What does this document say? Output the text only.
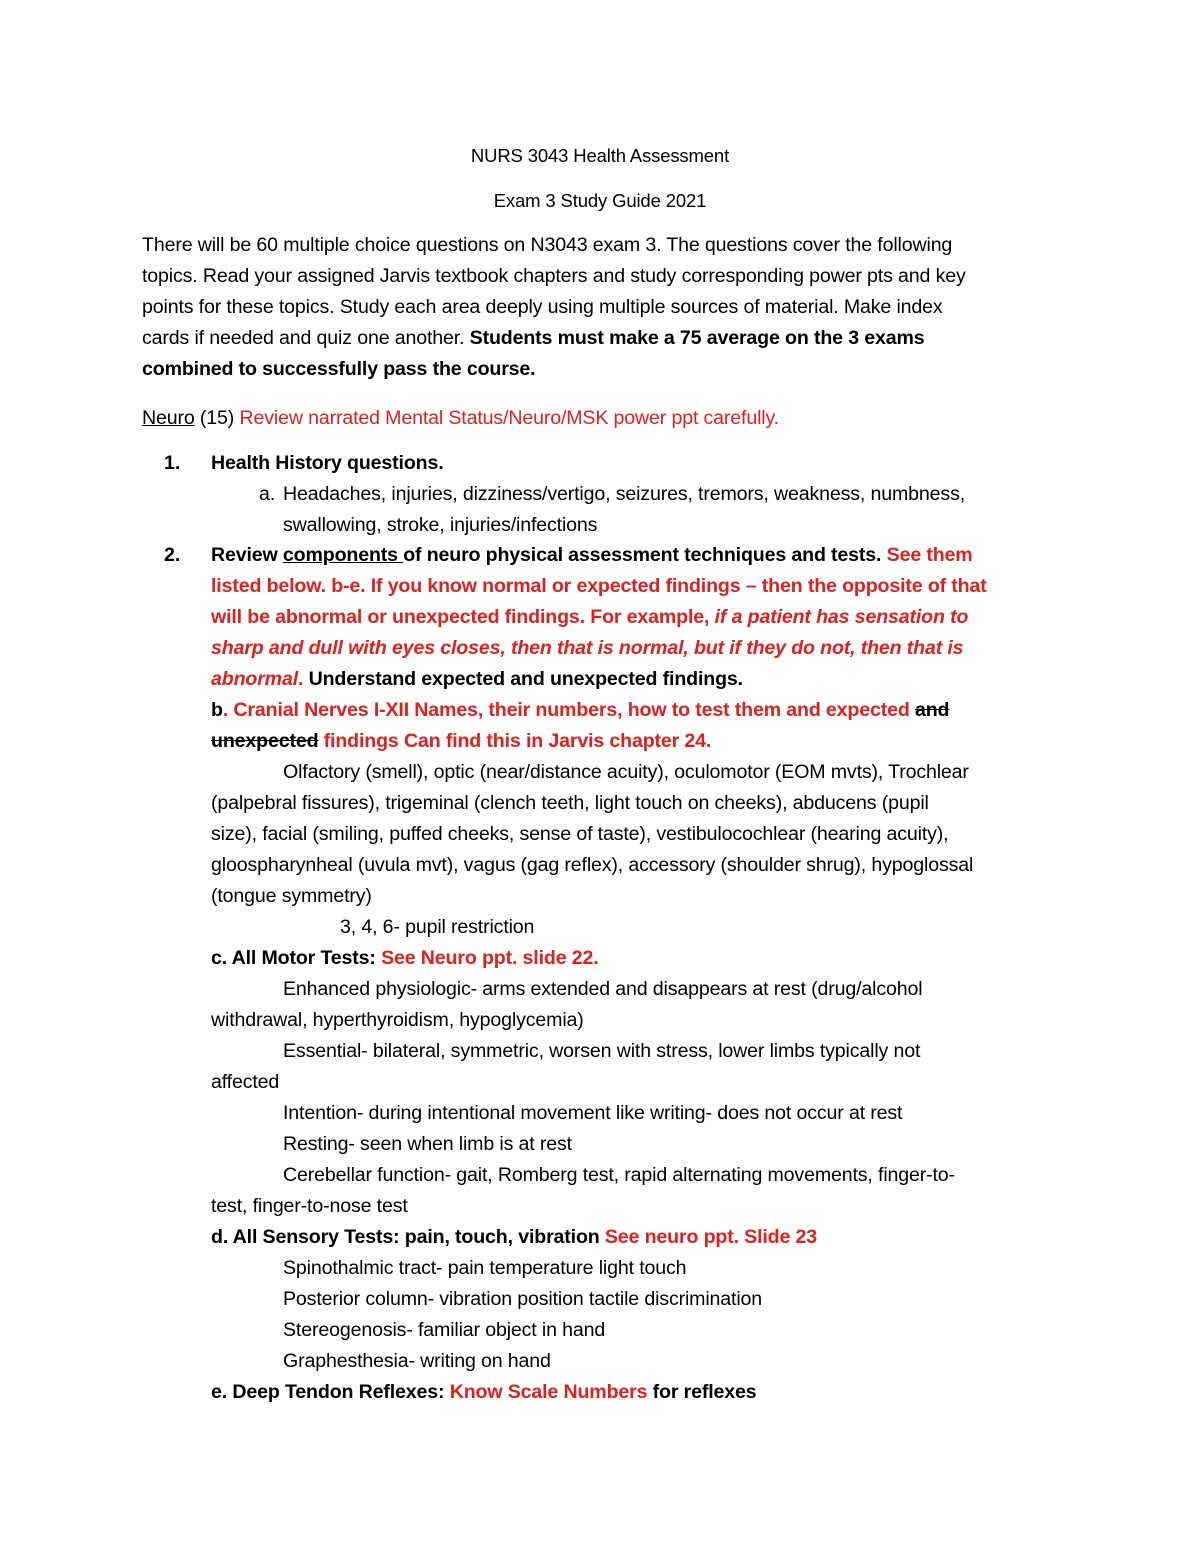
NURS 3043 Health Assessment
Exam 3 Study Guide 2021
There will be 60 multiple choice questions on N3043 exam 3. The questions cover the following
topics. Read your assigned Jarvis textbook chapters and study corresponding power pts and key
points for these topics. Study each area deeply using multiple sources of material. Make index
cards if needed and quiz one another. Students must make a 75 average on the 3 exams
combined to successfully pass the course.
Neuro (15) Review narrated Mental Status/Neuro/MSK power ppt carefully.
1. Health History questions.
a. Headaches, injuries, dizziness/vertigo, seizures, tremors, weakness, numbness,
swallowing, stroke, injuries/infections
2. Review components of neuro physical assessment techniques and tests. See them
listed below. b-e. If you know normal or expected findings – then the opposite of that
will be abnormal or unexpected findings. For example, if a patient has sensation to
sharp and dull with eyes closes, then that is normal, but if they do not, then that is
abnormal. Understand expected and unexpected findings.
b. Cranial Nerves I-XII Names, their numbers, how to test them and expected and
unexpected findings Can find this in Jarvis chapter 24.
Olfactory (smell), optic (near/distance acuity), oculomotor (EOM mvts), Trochlear
(palpebral fissures), trigeminal (clench teeth, light touch on cheeks), abducens (pupil
size), facial (smiling, puffed cheeks, sense of taste), vestibulocochlear (hearing acuity),
gloospharynheal (uvula mvt), vagus (gag reflex), accessory (shoulder shrug), hypoglossal
(tongue symmetry)
3, 4, 6- pupil restriction
c. All Motor Tests: See Neuro ppt. slide 22.
Enhanced physiologic- arms extended and disappears at rest (drug/alcohol
withdrawal, hyperthyroidism, hypoglycemia)
Essential- bilateral, symmetric, worsen with stress, lower limbs typically not
affected
Intention- during intentional movement like writing- does not occur at rest
Resting- seen when limb is at rest
Cerebellar function- gait, Romberg test, rapid alternating movements, finger-to-
test, finger-to-nose test
d. All Sensory Tests: pain, touch, vibration See neuro ppt. Slide 23
Spinothalmic tract- pain temperature light touch
Posterior column- vibration position tactile discrimination
Stereogenosis- familiar object in hand
Graphesthesia- writing on hand
e. Deep Tendon Reflexes: Know Scale Numbers for reflexes
